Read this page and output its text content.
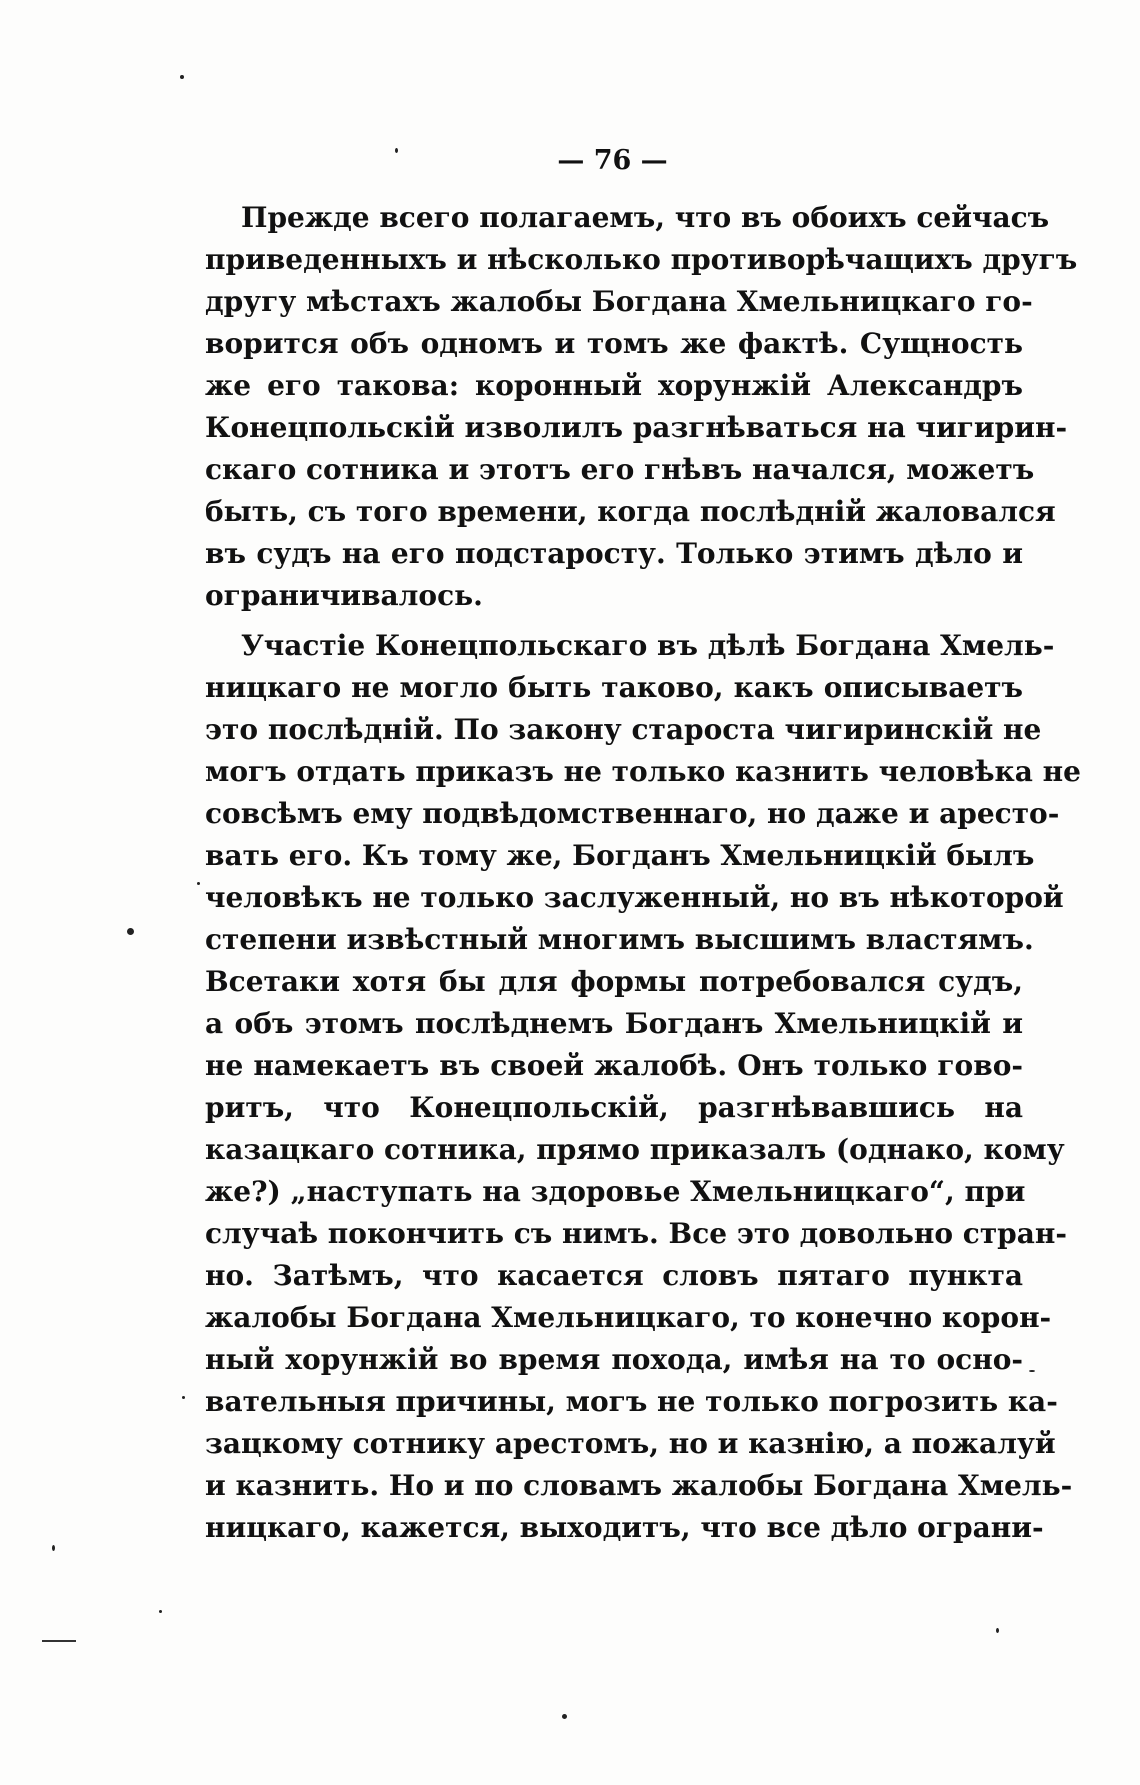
— 76 —

Прежде всего полагаемъ, что въ обоихъ сейчасъ
приведенныхъ и нѣсколько противорѣчащихъ другъ
другу мѣстахъ жалобы Богдана Хмельницкаго го-
ворится объ одномъ и томъ же фактѣ. Сущность
же его такова: коронный хорунжій Александръ
Конецпольскій изволилъ разгнѣваться на чигирин-
скаго сотника и этотъ его гнѣвъ начался, можетъ
быть, съ того времени, когда послѣдній жаловался
въ судъ на его подстаросту. Только этимъ дѣло и
ограничивалось.
Участіе Конецпольскаго въ дѣлѣ Богдана Хмель-
ницкаго не могло быть таково, какъ описываетъ
это послѣдній. По закону староста чигиринскій не
могъ отдать приказъ не только казнить человѣка не
совсѣмъ ему подвѣдомственнаго, но даже и аресто-
вать его. Къ тому же, Богданъ Хмельницкій былъ
человѣкъ не только заслуженный, но въ нѣкоторой
степени извѣстный многимъ высшимъ властямъ.
Всетаки хотя бы для формы потребовался судъ,
а объ этомъ послѣднемъ Богданъ Хмельницкій и
не намекаетъ въ своей жалобѣ. Онъ только гово-
ритъ, что Конецпольскій, разгнѣвавшись на
казацкаго сотника, прямо приказалъ (однако, кому
же?) „наступать на здоровье Хмельницкаго“, при
случаѣ покончить съ нимъ. Все это довольно стран-
но. Затѣмъ, что касается словъ пятаго пункта
жалобы Богдана Хмельницкаго, то конечно корон-
ный хорунжій во время похода, имѣя на то осно-
вательныя причины, могъ не только погрозить ка-
зацкому сотнику арестомъ, но и казнію, а пожалуй
и казнить. Но и по словамъ жалобы Богдана Хмель-
ницкаго, кажется, выходитъ, что все дѣло ограни-
